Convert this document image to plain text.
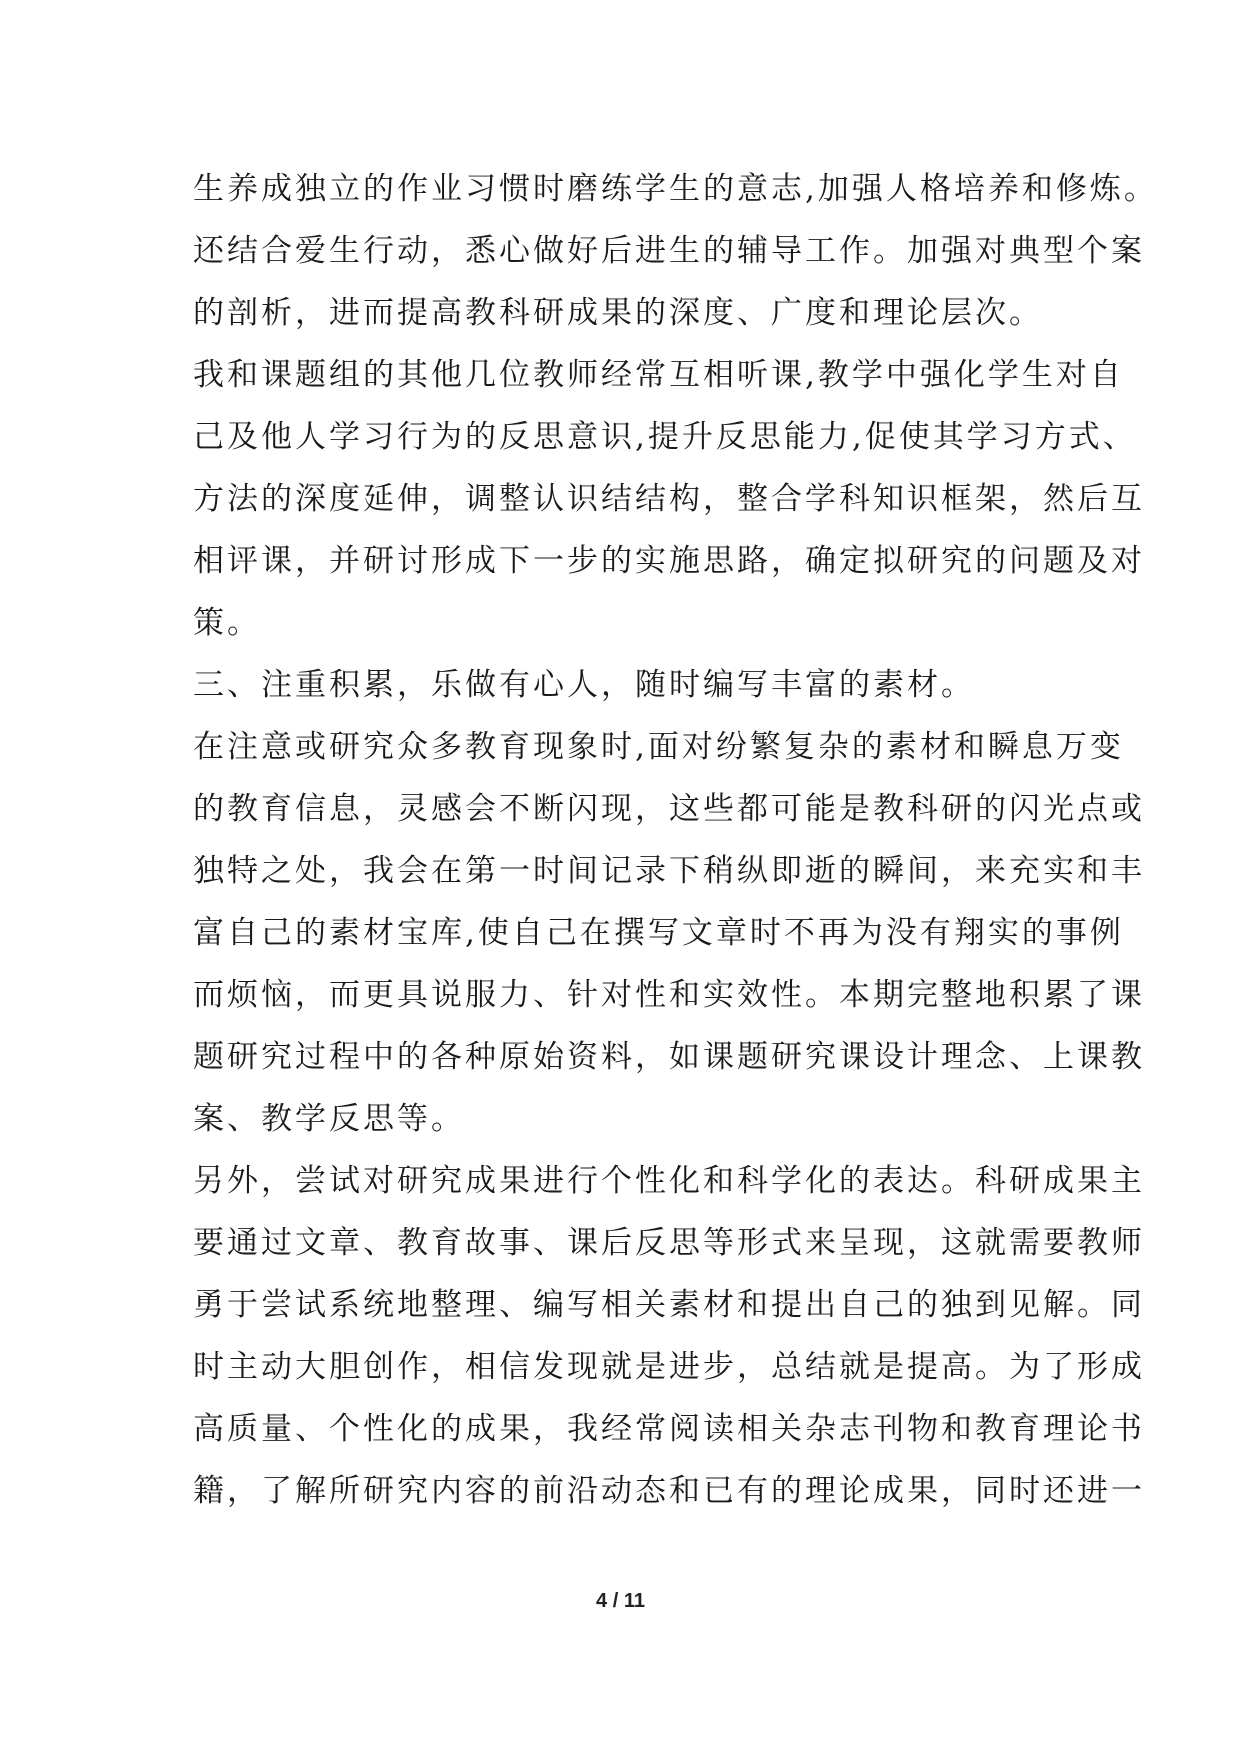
生养成独立的作业习惯时磨练学生的意志,加强人格培养和修炼。
还结合爱生行动，悉心做好后进生的辅导工作。加强对典型个案
的剖析，进而提高教科研成果的深度、广度和理论层次。
我和课题组的其他几位教师经常互相听课,教学中强化学生对自
己及他人学习行为的反思意识,提升反思能力,促使其学习方式、
方法的深度延伸，调整认识结结构，整合学科知识框架，然后互
相评课，并研讨形成下一步的实施思路，确定拟研究的问题及对
策。
三、注重积累，乐做有心人，随时编写丰富的素材。
在注意或研究众多教育现象时,面对纷繁复杂的素材和瞬息万变
的教育信息，灵感会不断闪现，这些都可能是教科研的闪光点或
独特之处，我会在第一时间记录下稍纵即逝的瞬间，来充实和丰
富自己的素材宝库,使自己在撰写文章时不再为没有翔实的事例
而烦恼，而更具说服力、针对性和实效性。本期完整地积累了课
题研究过程中的各种原始资料，如课题研究课设计理念、上课教
案、教学反思等。
另外，尝试对研究成果进行个性化和科学化的表达。科研成果主
要通过文章、教育故事、课后反思等形式来呈现，这就需要教师
勇于尝试系统地整理、编写相关素材和提出自己的独到见解。同
时主动大胆创作，相信发现就是进步，总结就是提高。为了形成
高质量、个性化的成果，我经常阅读相关杂志刊物和教育理论书
籍，了解所研究内容的前沿动态和已有的理论成果，同时还进一
4 / 11
